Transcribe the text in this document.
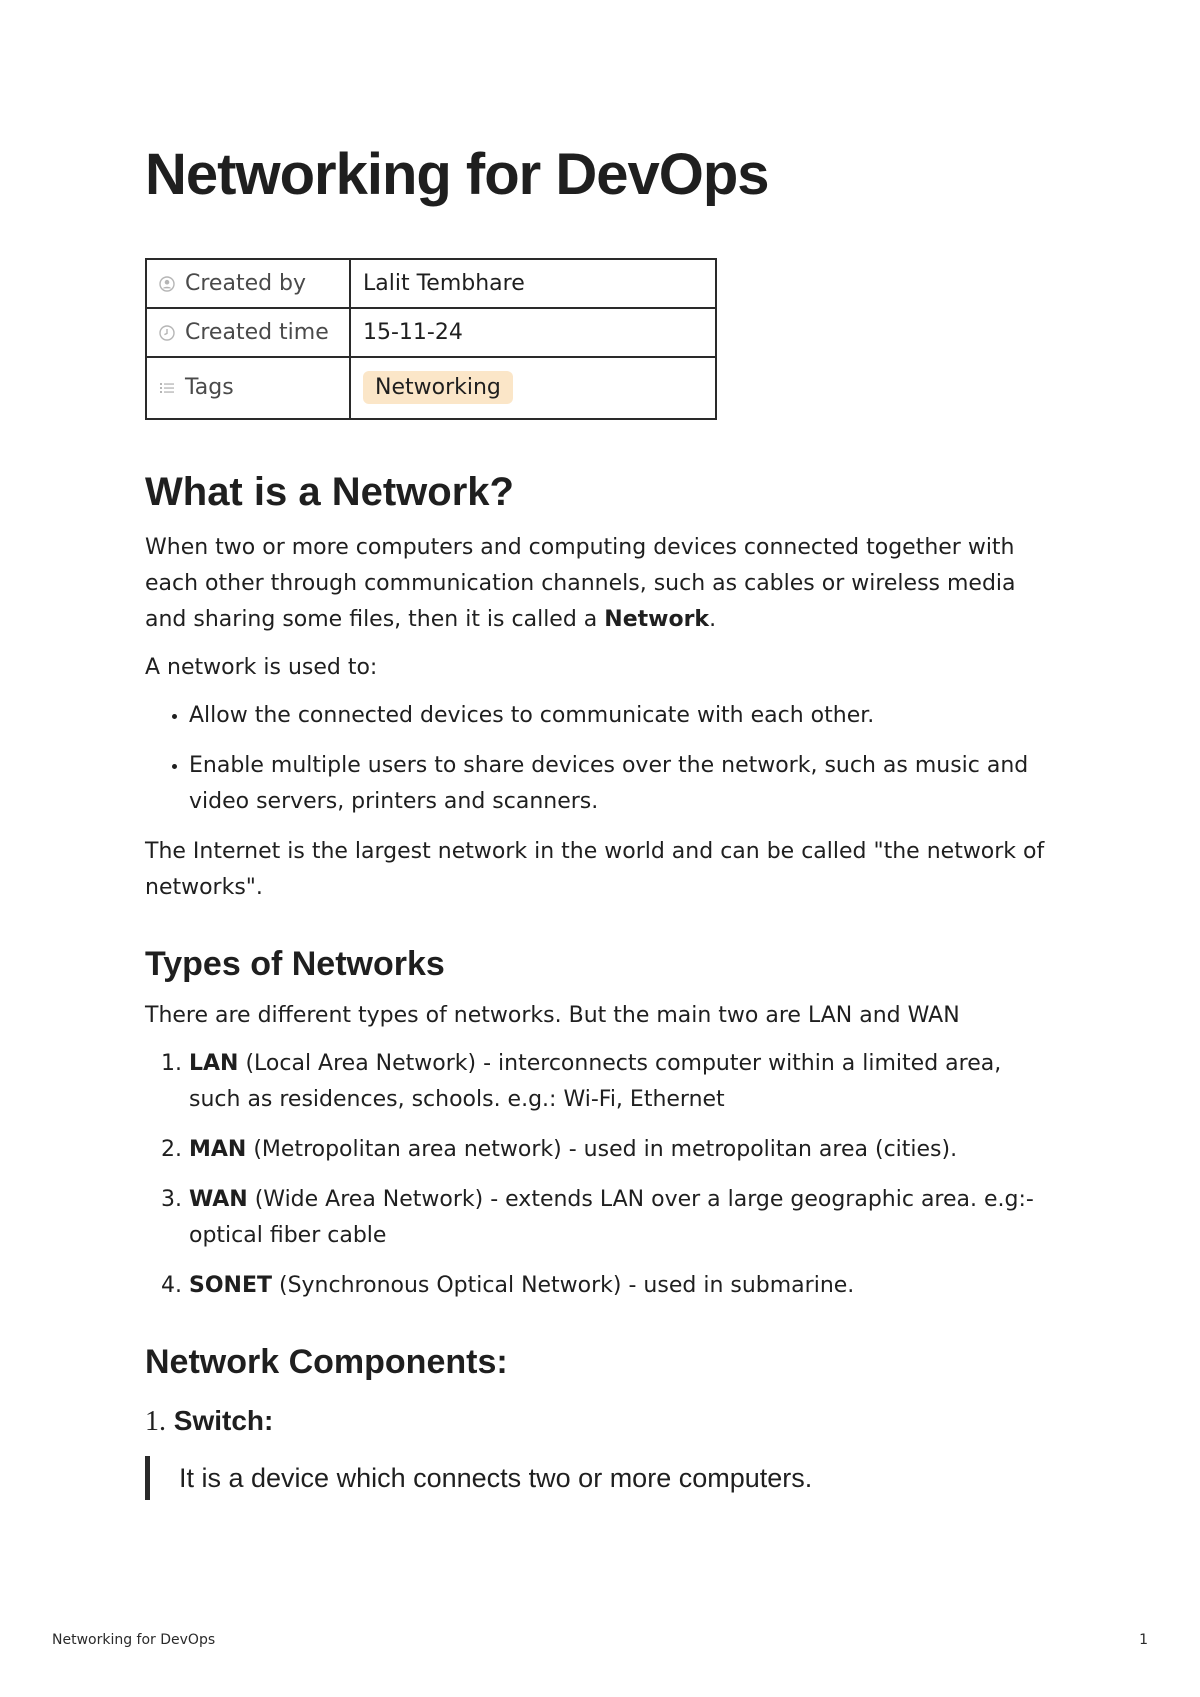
Networking for DevOps
Created by	Lalit Tembhare

Created time	15-11-24

Tags	Networking
What is a Network?

When two or more computers and computing devices connected together with each other through communication channels, such as cables or wireless media and sharing some files, then it is called a Network.

A network is used to:

• Allow the connected devices to communicate with each other.
• Enable multiple users to share devices over the network, such as music and video servers, printers and scanners.

The Internet is the largest network in the world and can be called "the network of networks".

Types of Networks

There are different types of networks. But the main two are LAN and WAN

1. LAN (Local Area Network) - interconnects computer within a limited area, such as residences, schools. e.g.: Wi-Fi, Ethernet
2. MAN (Metropolitan area network) - used in metropolitan area (cities).
3. WAN (Wide Area Network) - extends LAN over a large geographic area. e.g:- optical fiber cable
4. SONET (Synchronous Optical Network) - used in submarine.
Network Components:
1. Switch:
It is a device which connects two or more computers.
Networking for DevOps	1
